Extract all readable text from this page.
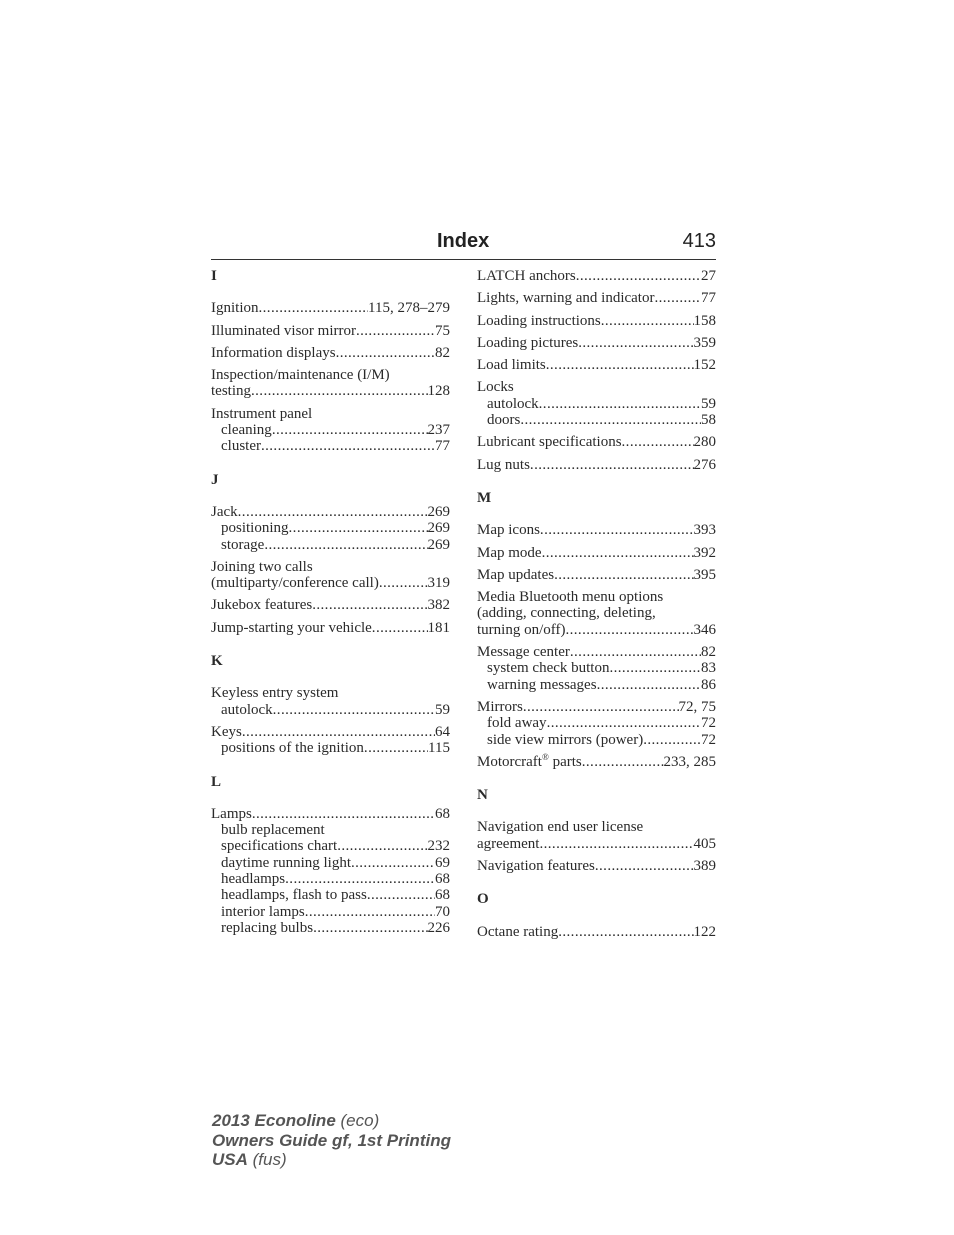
Index	413
I
Ignition .....	115, 278–279
Illuminated visor mirror .....	75
Information displays .....	82
Inspection/maintenance (I/M)
testing .....	128
Instrument panel
cleaning .....	237
cluster .....	77
J
Jack .....	269
positioning .....	269
storage .....	269
Joining two calls
(multiparty/conference call) .....	319
Jukebox features .....	382
Jump-starting your vehicle .....	181
K
Keyless entry system
autolock .....	59
Keys .....	64
positions of the ignition .....	115
L
Lamps .....	68
bulb replacement
specifications chart .....	232
daytime running light .....	69
headlamps .....	68
headlamps, flash to pass .....	68
interior lamps .....	70
replacing bulbs .....	226
LATCH anchors .....	27
Lights, warning and indicator .....	77
Loading instructions .....	158
Loading pictures .....	359
Load limits .....	152
Locks
autolock .....	59
doors .....	58
Lubricant specifications .....	280
Lug nuts .....	276
M
Map icons .....	393
Map mode .....	392
Map updates .....	395
Media Bluetooth menu options
(adding, connecting, deleting,
turning on/off) .....	346
Message center .....	82
system check button .....	83
warning messages .....	86
Mirrors .....	72, 75
fold away .....	72
side view mirrors (power) .....	72
Motorcraft® parts .....	233, 285
N
Navigation end user license
agreement .....	405
Navigation features .....	389
O
Octane rating .....	122
2013 Econoline (eco)
Owners Guide gf, 1st Printing
USA (fus)
